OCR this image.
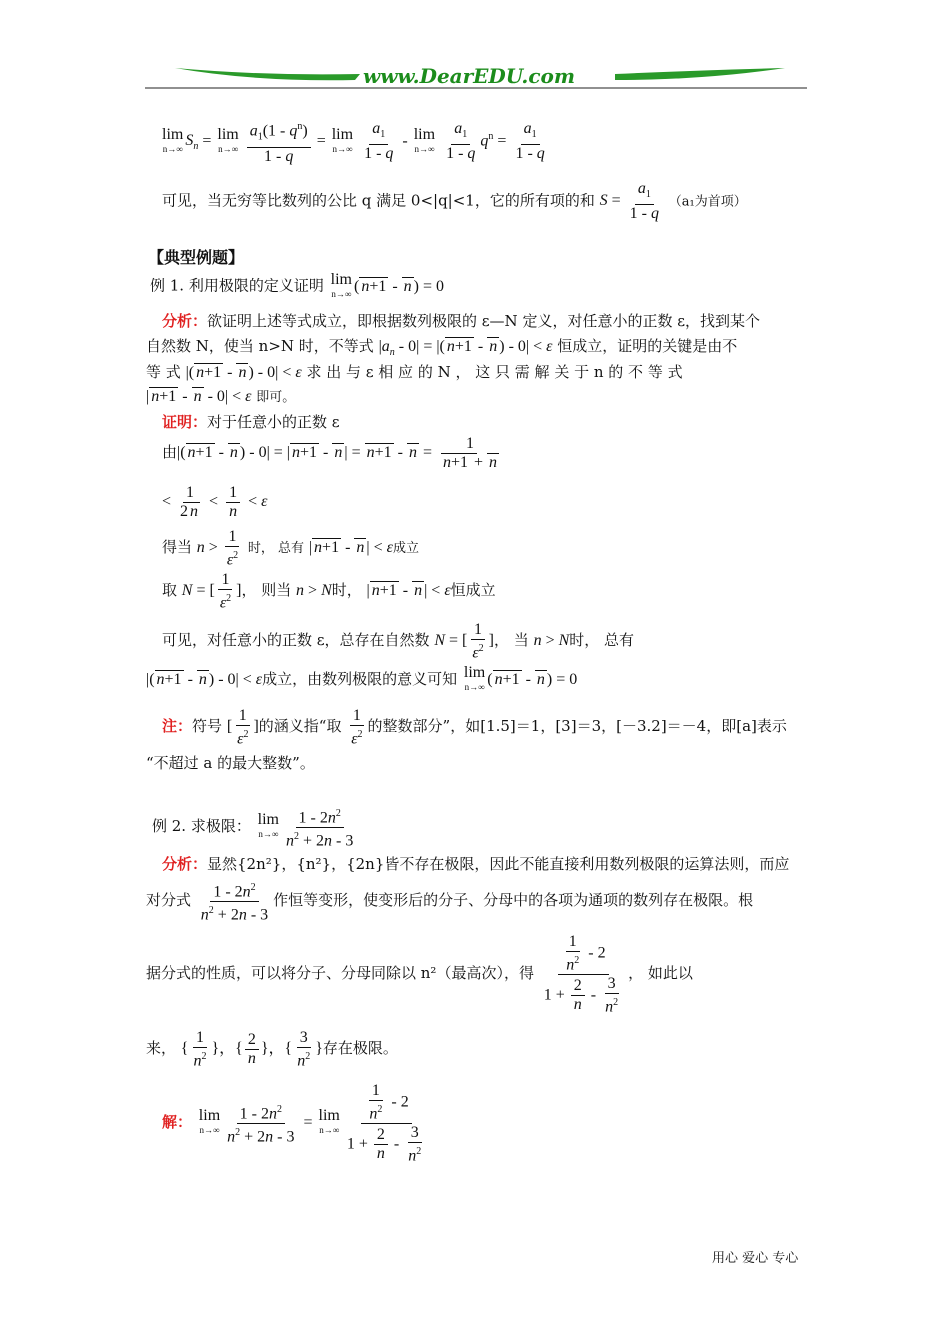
www.DearEDU.com
lim
n→∞ $S_n = \lim$
n→∞
$\frac{a_1(1 - q^n)}{1 - q} = \lim$
n→∞
$\frac{a_1}{1 - q}$ - lim
n→∞
$\frac{a_1}{1 - q} q^n = \frac{a_1}{1 - q}$
可见，当无穷等比数列的公比 q 满足 0<|q|<1，它的所有项的和 $S = \frac{a_1}{1 - q} (a_1$为首项）
【典型例题】
例 1. 利用极限的定义证明 lim
n→∞ ( n+1 - n ) = 0
分析：欲证明上述等式成立，即根据数列极限的 ε—N 定义，对任意小的正数 ε，找到某个
自然数 N，使当 n>N 时，不等式 $|a_n - 0|$ = |( n+1 - n ) - 0| < ε 恒成立，证明的关键是由不
等 式 |( n+1 - n ) - 0| < ε 求 出 与 ε 相 应 的 N ， 这 只 需 解 关 于 n 的 不 等 式
| n+1 - n - 0| < ε 即可。
证明：对于任意小的正数 ε
由|( n+1 - n ) - 0| = | n+1 - n | = $n+1 - n = \frac{1}{n+1 + n}$
< $\frac{1}{2 n} < \frac{1}{n} < \varepsilon$
得当 $n > \frac{1}{\varepsilon^2}$ 时， 总有 | n+1 - n | < ε成立
取 N = [ $\frac{1}{\varepsilon^2}$ ]， 则当 n > N时， | n+1 - n | < ε恒成立
可见，对任意小的正数 ε，总存在自然数 N = [ $\frac{1}{\varepsilon^2}$ ]， 当 n > N时， 总有
|( n+1 - n ) - 0| < ε成立，由数列极限的意义可知 lim
n→∞ ( n+1 - n ) = 0
注：符号 [ $\frac{1}{\varepsilon^2}$ ]的涵义指“取 $\frac{1}{\varepsilon^2}$ 的整数部分”，如[1.5]＝1，[3]＝3，[－3.2]＝－4，即[a]表示
“不超过 a 的最大整数”。
例 2. 求极限： lim
$n\to\infty \frac{1 - 2n^2}{n^2 + 2n - 3}$
分析：显然{2n²}，{n²}，{2n}皆不存在极限，因此不能直接利用数列极限的运算法则，而应
对分式 $\frac{1 - 2n^2}{n^2 + 2n - 3}$ 作恒等变形，使变形后的分子、分母中的各项为通项的数列存在极限。根
据分式的性质，可以将分子、分母同除以 n²（最高次），得 $\frac{\frac{1}{n^2} - 2}{1 + \frac{2}{n} - \frac{3}{n^2}}$ ， 如此以
来， { $\frac{1}{n^2}$ }，{ $\frac{2}{n}$ }，{ $\frac{3}{n^2}$ }存在极限。
解： lim
$n\to\infty \frac{1 - 2n^2}{n^2 + 2n - 3} = \lim$
$n\to\infty \frac{\frac{1}{n^2} - 2}{1 + \frac{2}{n} - \frac{3}{n^2}}$
用心 爱心 专心
